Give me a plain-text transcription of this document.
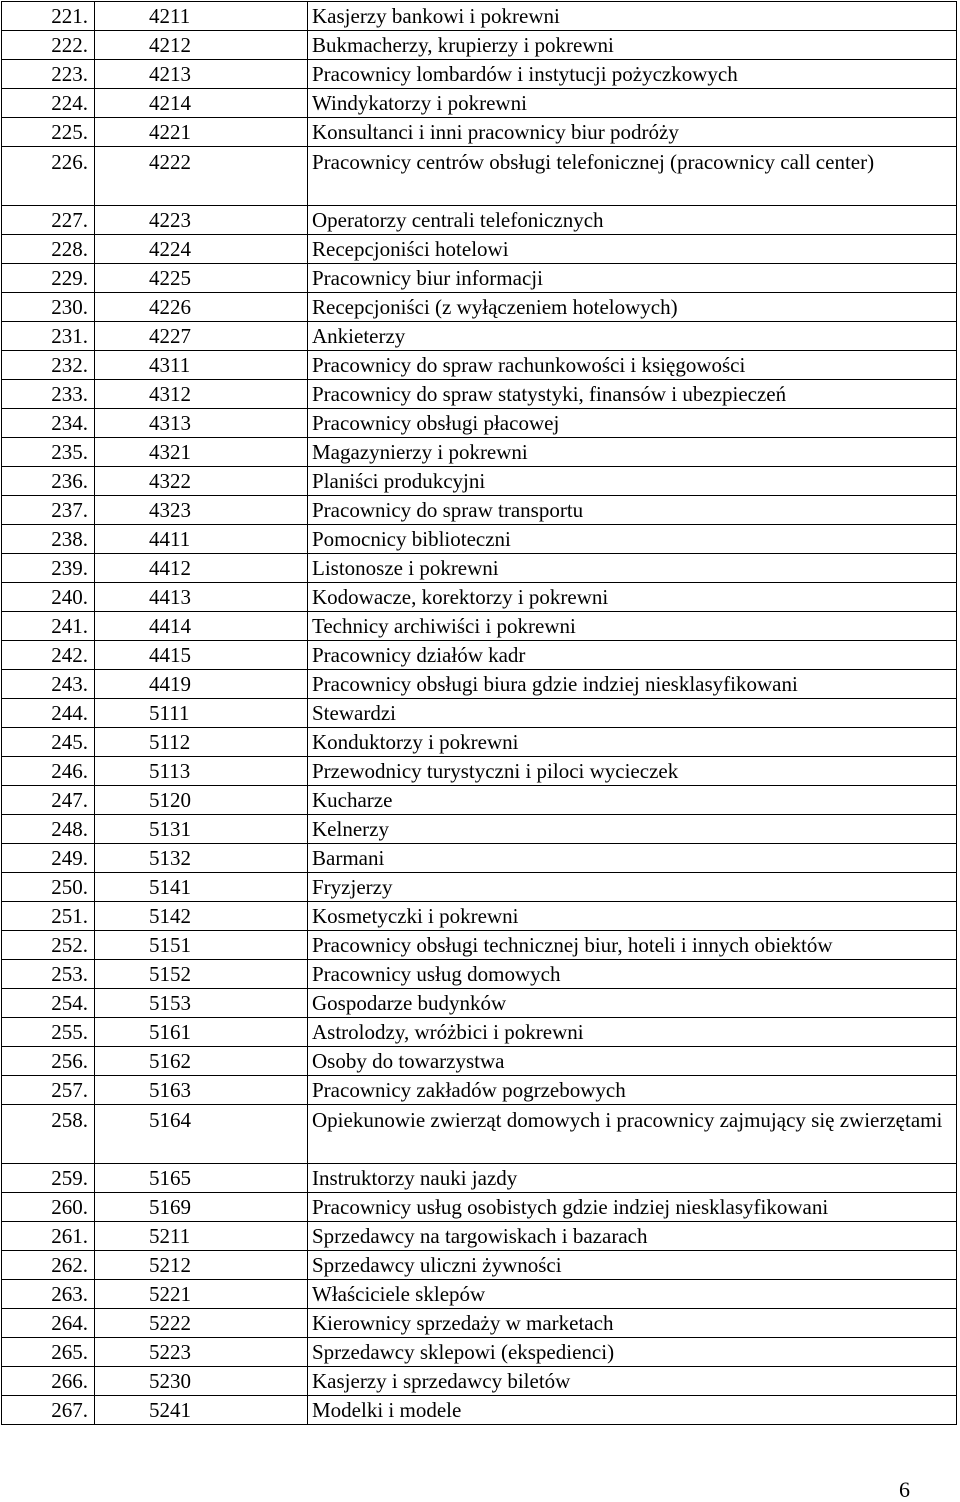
221.	4211	Kasjerzy bankowi i pokrewni
222.	4212	Bukmacherzy, krupierzy i pokrewni
223.	4213	Pracownicy lombardów i instytucji pożyczkowych
224.	4214	Windykatorzy i pokrewni
225.	4221	Konsultanci i inni pracownicy biur podróży
226.	4222	Pracownicy centrów obsługi telefonicznej (pracownicy call center)
227.	4223	Operatorzy centrali telefonicznych
228.	4224	Recepcjoniści hotelowi
229.	4225	Pracownicy biur informacji
230.	4226	Recepcjoniści (z wyłączeniem hotelowych)
231.	4227	Ankieterzy
232.	4311	Pracownicy do spraw rachunkowości i księgowości
233.	4312	Pracownicy do spraw statystyki, finansów i ubezpieczeń
234.	4313	Pracownicy obsługi płacowej
235.	4321	Magazynierzy i pokrewni
236.	4322	Planiści produkcyjni
237.	4323	Pracownicy do spraw transportu
238.	4411	Pomocnicy biblioteczni
239.	4412	Listonosze i pokrewni
240.	4413	Kodowacze, korektorzy i pokrewni
241.	4414	Technicy archiwiści i pokrewni
242.	4415	Pracownicy działów kadr
243.	4419	Pracownicy obsługi biura gdzie indziej niesklasyfikowani
244.	5111	Stewardzi
245.	5112	Konduktorzy i pokrewni
246.	5113	Przewodnicy turystyczni i piloci wycieczek
247.	5120	Kucharze
248.	5131	Kelnerzy
249.	5132	Barmani
250.	5141	Fryzjerzy
251.	5142	Kosmetyczki i pokrewni
252.	5151	Pracownicy obsługi technicznej biur, hoteli i innych obiektów
253.	5152	Pracownicy usług domowych
254.	5153	Gospodarze budynków
255.	5161	Astrolodzy, wróżbici i pokrewni
256.	5162	Osoby do towarzystwa
257.	5163	Pracownicy zakładów pogrzebowych
258.	5164	Opiekunowie zwierząt domowych i pracownicy zajmujący się zwierzętami
259.	5165	Instruktorzy nauki jazdy
260.	5169	Pracownicy usług osobistych gdzie indziej niesklasyfikowani
261.	5211	Sprzedawcy na targowiskach i bazarach
262.	5212	Sprzedawcy uliczni żywności
263.	5221	Właściciele sklepów
264.	5222	Kierownicy sprzedaży w marketach
265.	5223	Sprzedawcy sklepowi (ekspedienci)
266.	5230	Kasjerzy i sprzedawcy biletów
267.	5241	Modelki i modele
6
